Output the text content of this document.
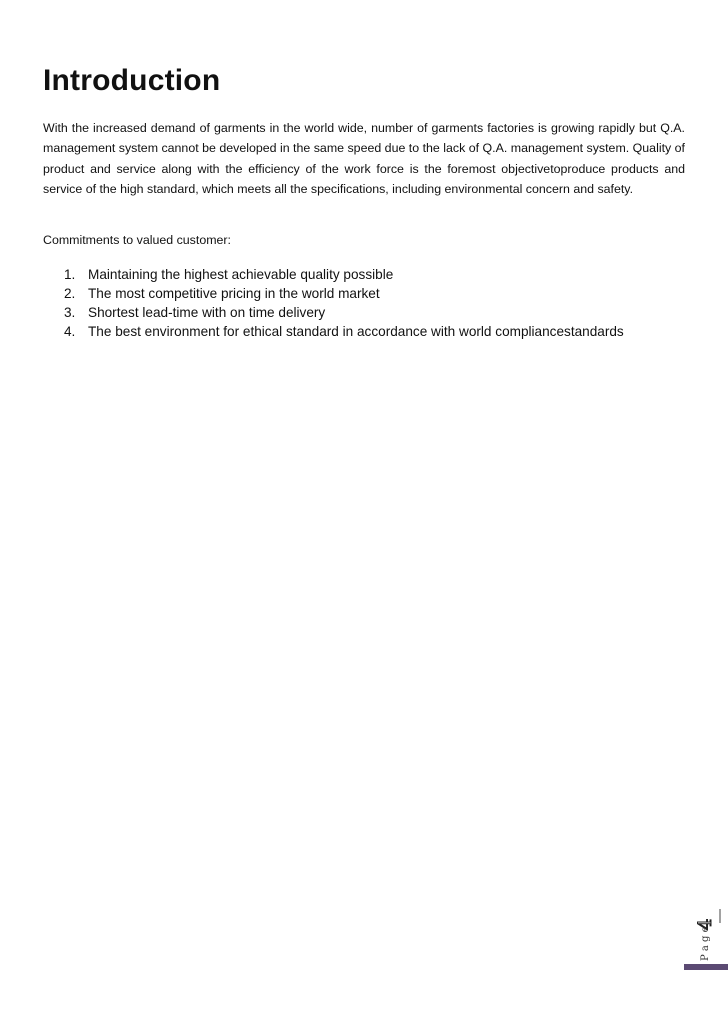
Introduction

With the increased demand of garments in the world wide, number of garments factories is growing rapidly but Q.A. management system cannot be developed in the same speed due to the lack of Q.A. management system. Quality of product and service along with the efficiency of the work force is the foremost objectivetoproduce products and service of the high standard, which meets all the specifications, including environmental concern and safety.

Commitments to valued customer:

1. Maintaining the highest achievable quality possible
2. The most competitive pricing in the world market
3. Shortest lead-time with on time delivery
4. The best environment for ethical standard in accordance with world compliancestandards
P a g e
4
